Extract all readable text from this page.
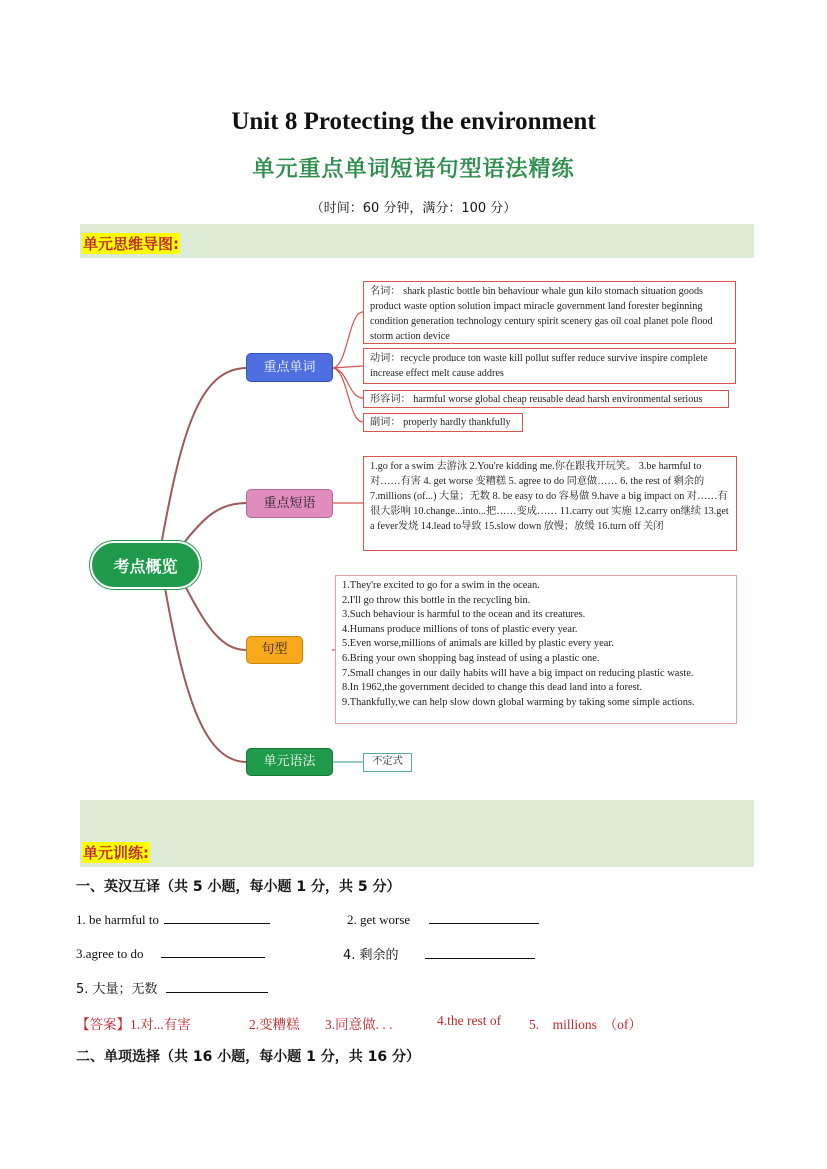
Unit 8 Protecting the environment
单元重点单词短语句型语法精练
（时间：60 分钟，满分：100 分）
单元思维导图:
考点概览
重点单词
重点短语
句型
单元语法
名词： shark plastic bottle bin behaviour whale gun kilo stomach situation goods product waste option solution impact miracle government land forester beginning condition generation technology century spirit scenery gas oil coal planet pole flood storm action device
动词：recycle produce ton waste kill pollut suffer reduce survive inspire complete increase effect melt cause addres
形容词： harmful worse global cheap reusable dead harsh environmental serious
副词： properly hardly thankfully
1.go for a swim 去游泳 2.You're kidding me.你在跟我开玩笑。 3.be harmful to 对……有害 4. get worse 变糟糕 5. agree to do 同意做…… 6. the rest of 剩余的 7.millions (of...) 大量；无数 8. be easy to do 容易做 9.have a big impact on 对……有很大影响 10.change...into...把……变成…… 11.carry out 实施 12.carry on继续 13.get a fever发烧 14.lead to导致 15.slow down 放慢；放缓 16.turn off 关闭

1.They're excited to go for a swim in the ocean.

2.I'll go throw this bottle in the recycling bin.

3.Such behaviour is harmful to the ocean and its creatures.

4.Humans produce millions of tons of plastic every year.

5.Even worse,millions of animals are killed by plastic every year.

6.Bring your own shopping bag instead of using a plastic one.

7.Small changes in our daily habits will have a big impact on reducing plastic waste.

8.In 1962,the government decided to change this dead land into a forest.

9.Thankfully,we can help slow down global warming by taking some simple actions.

不定式
单元训练:
一、英汉互译（共 5 小题，每小题 1 分，共 5 分）
1. be harmful to	2. get worse
3.agree to do	4. 剩余的
5. 大量；无数
【答案】1.对...有害	2.变糟糕 3.同意做. . .	4.the rest of 5.    millions  （of）
二、单项选择（共 16 小题，每小题 1 分，共 16 分）
